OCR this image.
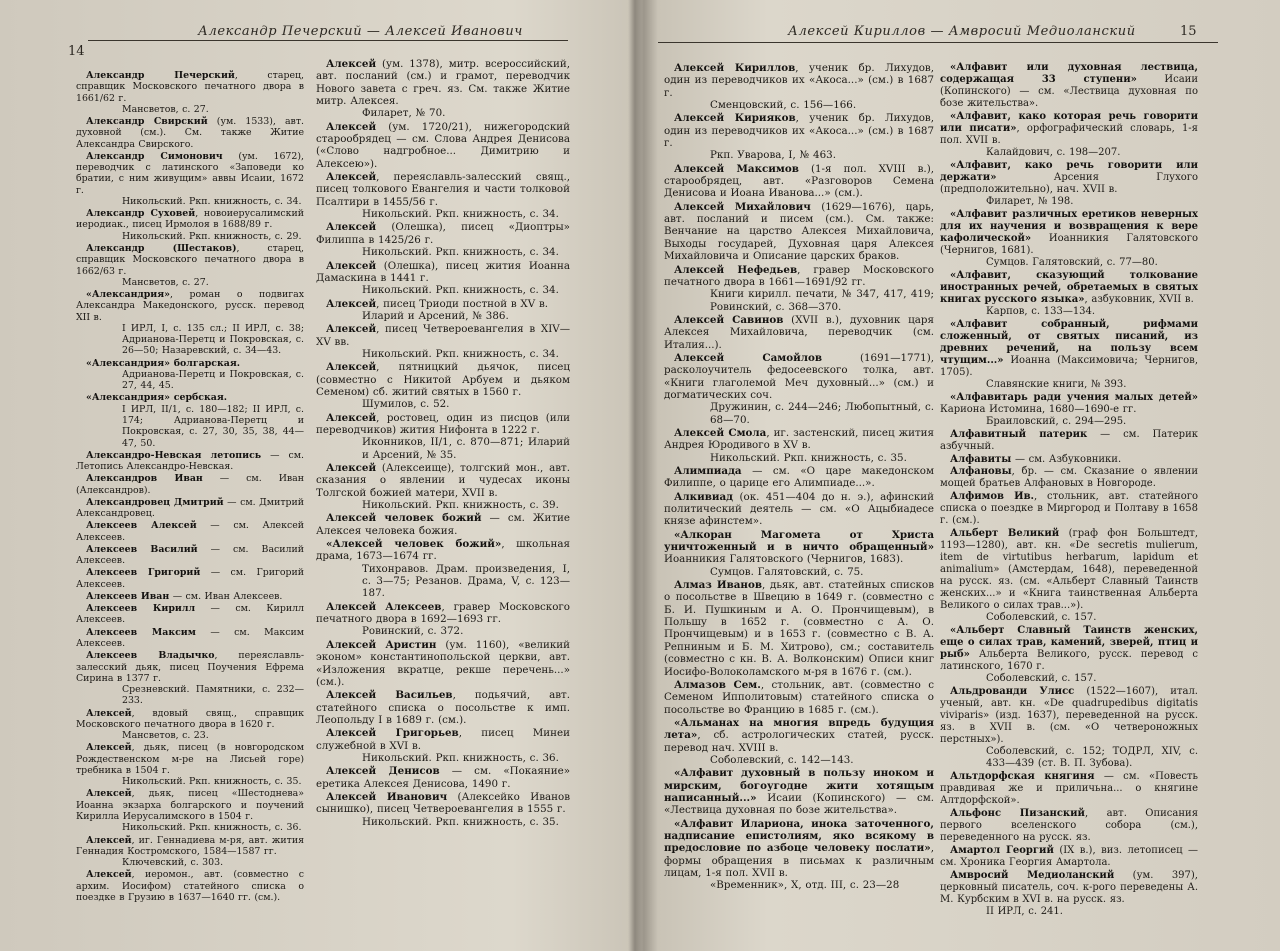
14
Александр Печерский — Алексей Иванович
Александр Печерский, старец, справщик Московского печатного двора в 1661/62 г.
Мансветов, с. 27.
Александр Свирский (ум. 1533), авт. духовной (см.). См. также Житие Александра Свирского.
Александр Симонович (ум. 1672), переводчик с латинского «Заповеди ко братии, с ним живущим» аввы Исаии, 1672 г.
Никольский. Ркп. книжность, с. 34.
Александр Суховей, новоиерусалимский иеродиак., писец Ирмолоя в 1688/89 г.
Никольский. Ркп. книжность, с. 29.
Александр (Шестаков), старец, справщик Московского печатного двора в 1662/63 г.
Мансветов, с. 27.
«Александрия», роман о подвигах Александра Македонского, русск. перевод XII в.
I ИРЛ, I, с. 135 сл.; II ИРЛ, с. 38; Адрианова-Перетц и Покровская, с. 26—50; Назаревский, с. 34—43.
«Александрия» болгарская.
Адрианова-Перетц и Покровская, с. 27, 44, 45.
«Александрия» сербская.
I ИРЛ, II/1, с. 180—182; II ИРЛ, с. 174; Адрианова-Перетц и Покровская, с. 27, 30, 35, 38, 44—47, 50.
Александро-Невская летопись — см. Летопись Александро-Невская.
Александров Иван — см. Иван (Александров).
Александровец Дмитрий — см. Дмитрий Александровец.
Алексеев Алексей — см. Алексей Алексеев.
Алексеев Василий — см. Василий Алексеев.
Алексеев Григорий — см. Григорий Алексеев.
Алексеев Иван — см. Иван Алексеев.
Алексеев Кирилл — см. Кирилл Алексеев.
Алексеев Максим — см. Максим Алексеев.
Алексеев Владычко, переяславль-залесский дьяк, писец Поучения Ефрема Сирина в 1377 г.
Срезневский. Памятники, с. 232—233.
Алексей, вдовый свящ., справщик Московского печатного двора в 1620 г.
Мансветов, с. 23.
Алексей, дьяк, писец (в новгородском Рождественском м-ре на Лисьей горе) требника в 1504 г.
Никольский. Ркп. книжность, с. 35.
Алексей, дьяк, писец «Шестоднева» Иоанна экзарха болгарского и поучений Кирилла Иерусалимского в 1504 г.
Никольский. Ркп. книжность, с. 36.
Алексей, иг. Геннадиева м-ря, авт. жития Геннадия Костромского, 1584—1587 гг.
Ключевский, с. 303.
Алексей, иеромон., авт. (совместно с архим. Иосифом) статейного списка о поездке в Грузию в 1637—1640 гг. (см.).
Алексей (ум. 1378), митр. всероссийский, авт. посланий (см.) и грамот, переводчик Нового завета с греч. яз. См. также Житие митр. Алексея.
Филарет, № 70.
Алексей (ум. 1720/21), нижегородский старообрядец — см. Слова Андрея Денисова («Слово надгробное... Димитрию и Алексею»).
Алексей, переяславль-залесский свящ., писец толкового Евангелия и части толковой Псалтири в 1455/56 г.
Никольский. Ркп. книжность, с. 34.
Алексей (Олешка), писец «Диоптры» Филиппа в 1425/26 г.
Никольский. Ркп. книжность, с. 34.
Алексей (Олешка), писец жития Иоанна Дамаскина в 1441 г.
Никольский. Ркп. книжность, с. 34.
Алексей, писец Триоди постной в XV в.
Иларий и Арсений, № 386.
Алексей, писец Четвероевангелия в XIV—XV вв.
Никольский. Ркп. книжность, с. 34.
Алексей, пятницкий дьячок, писец (совместно с Никитой Арбуем и дьяком Семеном) сб. житий святых в 1560 г.
Шумилов, с. 52.
Алексей, ростовец, один из писцов (или переводчиков) жития Нифонта в 1222 г.
Иконников, II/1, с. 870—871; Иларий и Арсений, № 35.
Алексей (Алексеище), толгский мон., авт. сказания о явлении и чудесах иконы Толгской божией матери, XVII в.
Никольский. Ркп. книжность, с. 39.
Алексей человек божий — см. Житие Алексея человека божия.
«Алексей человек божий», школьная драма, 1673—1674 гг.
Тихонравов. Драм. произведения, I, с. 3—75; Резанов. Драма, V, с. 123—187.
Алексей Алексеев, гравер Московского печатного двора в 1692—1693 гг.
Ровинский, с. 372.
Алексей Аристин (ум. 1160), «великий эконом» константинопольской церкви, авт. «Изложения вкратце, рекше перечень...» (см.).
Алексей Васильев, подьячий, авт. статейного списка о посольстве к имп. Леопольду I в 1689 г. (см.).
Алексей Григорьев, писец Минеи служебной в XVI в.
Никольский. Ркп. книжность, с. 36.
Алексей Денисов — см. «Покаяние» еретика Алексея Денисова, 1490 г.
Алексей Иванович (Алексейко Иванов сынишко), писец Четвероевангелия в 1555 г.
Никольский. Ркп. книжность, с. 35.
Алексей Кириллов — Амвросий Медиоланский	15
Алексей Кириллов, ученик бр. Лихудов, один из переводчиков их «Акоса...» (см.) в 1687 г.
Сменцовский, с. 156—166.
Алексей Кирияков, ученик бр. Лихудов, один из переводчиков их «Акоса...» (см.) в 1687 г.
Ркп. Уварова, I, № 463.
Алексей Максимов (1-я пол. XVIII в.), старообрядец, авт. «Разговоров Семена Денисова и Иоана Иванова...» (см.).
Алексей Михайлович (1629—1676), царь, авт. посланий и писем (см.). См. также: Венчание на царство Алексея Михайловича, Выходы государей, Духовная царя Алексея Михайловича и Описание царских браков.
Алексей Нефедьев, гравер Московского печатного двора в 1661—1691/92 гг.
Книги кирилл. печати, № 347, 417, 419; Ровинский, с. 368—370.
Алексей Савинов (XVII в.), духовник царя Алексея Михайловича, переводчик (см. Италия...).
Алексей Самойлов (1691—1771), расколоучитель федосеевского толка, авт. «Книги глаголемой Меч духовный...» (см.) и догматических соч.
Дружинин, с. 244—246; Любопытный, с. 68—70.
Алексей Смола, иг. застенский, писец жития Андрея Юродивого в XV в.
Никольский. Ркп. книжность, с. 35.
Алимпиада — см. «О царе македонском Филиппе, о царице его Алимпиаде...».
Алкивиад (ок. 451—404 до н. э.), афинский политический деятель — см. «О Ацыбиадесе князе афинстем».
«Алкоран Магомета от Христа уничтоженный и в ничто обращенный» Иоанникия Галятовского (Чернигов, 1683).
Сумцов. Галятовский, с. 75.
Алмаз Иванов, дьяк, авт. статейных списков о посольстве в Швецию в 1649 г. (совместно с Б. И. Пушкиным и А. О. Прончищевым), в Польшу в 1652 г. (совместно с А. О. Прончищевым) и в 1653 г. (совместно с В. А. Репниным и Б. М. Хитрово), см.; составитель (совместно с кн. В. А. Волконским) Описи книг Иосифо-Волоколамского м-ря в 1676 г. (см.).
Алмазов Сем., стольник, авт. (совместно с Семеном Ипполитовым) статейного списка о посольстве во Францию в 1685 г. (см.).
«Альманах на многия впредь будущия лета», сб. астрологических статей, русск. перевод нач. XVIII в.
Соболевский, с. 142—143.
«Алфавит духовный в пользу иноком и мирским, богоугодне жити хотящым написанный...» Исаии (Копинского) — см. «Лествица духовная по бозе жительства».
«Алфавит Илариона, инока заточенного, надписание епистолиям, яко всякому в предословие по азбоце человеку послати», формы обращения в письмах к различным лицам, 1-я пол. XVII в.
«Временник», X, отд. III, с. 23—28
«Алфавит или духовная лествица, содержащая 33 ступени» Исаии (Копинского) — см. «Лествица духовная по бозе жительства».
«Алфавит, како которая речь говорити или писати», орфографический словарь, 1-я пол. XVII в.
Калайдович, с. 198—207.
«Алфавит, како речь говорити или держати» Арсения Глухого (предположительно), нач. XVII в.
Филарет, № 198.
«Алфавит различных еретиков неверных для их научения и возвращения к вере кафолической» Иоанникия Галятовского (Чернигов, 1681).
Сумцов. Галятовский, с. 77—80.
«Алфавит, сказующий толкование иностранных речей, обретаемых в святых книгах русского языка», азбуковник, XVII в.
Карпов, с. 133—134.
«Алфавит собранный, рифмами сложенный, от святых писаний, из древних речений, на пользу всем чтущим...» Иоанна (Максимовича; Чернигов, 1705).
Славянские книги, № 393.
«Алфавитарь ради учения малых детей» Кариона Истомина, 1680—1690-е гг.
Браиловский, с. 294—295.
Алфавитный патерик — см. Патерик азбучный.
Алфавиты — см. Азбуковники.
Алфановы, бр. — см. Сказание о явлении мощей братьев Алфановых в Новгороде.
Алфимов Ив., стольник, авт. статейного списка о поездке в Миргород и Полтаву в 1658 г. (см.).
Альберт Великий (граф фон Больштедт, 1193—1280), авт. кн. «De secretis mulierum, item de virtutibus herbarum, lapidum et animalium» (Амстердам, 1648), переведенной на русск. яз. (см. «Альберт Славный Таинств женских...» и «Книга таинственная Альберта Великого о силах трав...»).
Соболевский, с. 157.
«Альберт Славный Таинств женских, еще о силах трав, камений, зверей, птиц и рыб» Альберта Великого, русск. перевод с латинского, 1670 г.
Соболевский, с. 157.
Альдрованди Улисс (1522—1607), итал. ученый, авт. кн. «De quadrupedibus digitatis viviparis» (изд. 1637), переведенной на русск. яз. в XVII в. (см. «О четвероножных перстных»).
Соболевский, с. 152; ТОДРЛ, XIV, с. 433—439 (ст. В. П. Зубова).
Альтдорфская княгиня — см. «Повесть правдивая же и приличьна... о княгине Алтдорфской».
Альфонс Пизанский, авт. Описания первого вселенского собора (см.), переведенного на русск. яз.
Амартол Георгий (IX в.), виз. летописец — см. Хроника Георгия Амартола.
Амвросий Медиоланский (ум. 397), церковный писатель, соч. к-рого переведены А. М. Курбским в XVI в. на русск. яз.
II ИРЛ, с. 241.
